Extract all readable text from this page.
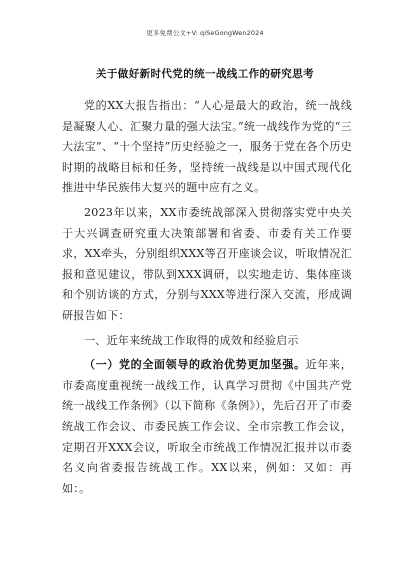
更多免费公文+V: qiSeGongWen2024
关于做好新时代党的统一战线工作的研究思考

党的XX大报告指出：“人心是最大的政治，统一战线是凝聚人心、汇聚力量的强大法宝。”统一战线作为党的“三大法宝”、“十个坚持”历史经验之一，服务于党在各个历史时期的战略目标和任务，坚持统一战线是以中国式现代化推进中华民族伟大复兴的题中应有之义。

2023年以来，XX市委统战部深入贯彻落实党中央关于大兴调查研究重大决策部署和省委、市委有关工作要求，XX牵头，分别组织XXX等召开座谈会议，听取情况汇报和意见建议，带队到XXX调研，以实地走访、集体座谈和个别访谈的方式，分别与XXX等进行深入交流，形成调研报告如下：

一、近年来统战工作取得的成效和经验启示

（一）党的全面领导的政治优势更加坚强。近年来，市委高度重视统一战线工作，认真学习贯彻《中国共产党统一战线工作条例》（以下简称《条例》），先后召开了市委统战工作会议、市委民族工作会议、全市宗教工作会议，定期召开XXX会议，听取全市统战工作情况汇报并以市委名义向省委报告统战工作。XX以来，例如：又如：再如：。
